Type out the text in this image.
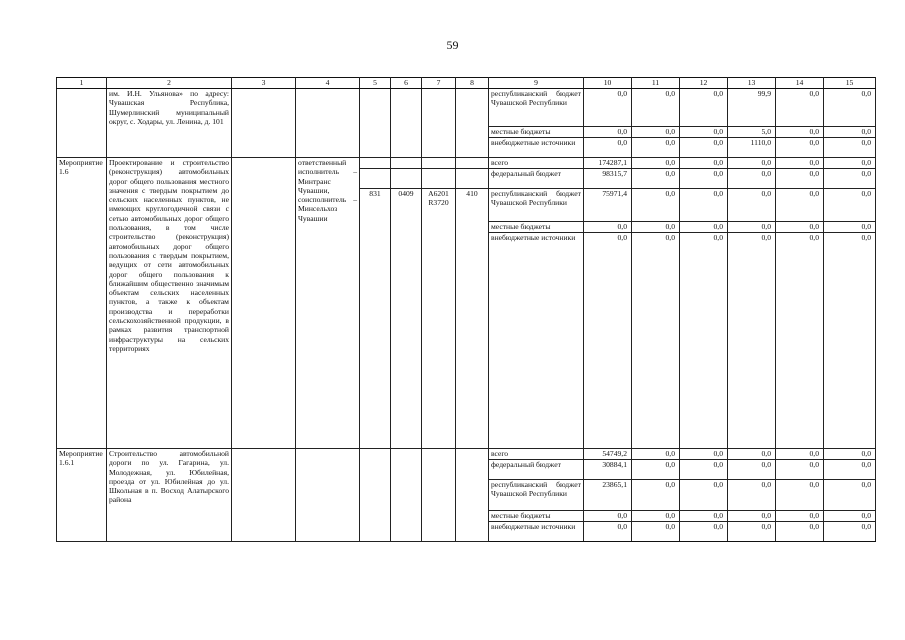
59
1	2	3	4	5	6	7	8	9	10	11	12	13	14	15
	им. И.Н. Ульянова» по адресу: Чувашская Республика, Шумерлинский муниципальный округ, с. Ходары, ул. Ленина, д. 101							республиканский бюджет Чувашской Республики	0,0	0,0	0,0	99,9	0,0	0,0
								местные бюджеты	0,0	0,0	0,0	5,0	0,0	0,0
								внебюджетные источники	0,0	0,0	0,0	1110,0	0,0	0,0
Мероприятие 1.6	Проектирование и строительство (реконструкция) автомобильных дорог общего пользования местного значения с твердым покрытием до сельских населенных пунктов, не имеющих круглогодичной связи с сетью автомобильных дорог общего пользования, в том числе строительство (реконструкция) автомобильных дорог общего пользования с твердым покрытием, ведущих от сети автомобильных дорог общего пользования к ближайшим общественно значимым объектам сельских населенных пунктов, а также к объектам производства и переработки сельскохозяйственной продукции, в рамках развития транспортной инфраструктуры на сельских территориях		ответственный исполнитель – Минтранс Чувашии, соисполнитель – Минсельхоз Чувашии					всего	174287,1	0,0	0,0	0,0	0,0	0,0
								федеральный бюджет	98315,7	0,0	0,0	0,0	0,0	0,0
				831	0409	А6201 R3720	410	республиканский бюджет Чувашской Республики	75971,4	0,0	0,0	0,0	0,0	0,0
								местные бюджеты	0,0	0,0	0,0	0,0	0,0	0,0
								внебюджетные источники	0,0	0,0	0,0	0,0	0,0	0,0
Мероприятие 1.6.1	Строительство автомобильной дороги по ул. Гагарина, ул. Молодежная, ул. Юбилейная, проезда от ул. Юбилейная до ул. Школьная в п. Восход Алатырского района							всего	54749,2	0,0	0,0	0,0	0,0	0,0
								федеральный бюджет	30884,1	0,0	0,0	0,0	0,0	0,0
								республиканский бюджет Чувашской Республики	23865,1	0,0	0,0	0,0	0,0	0,0
								местные бюджеты	0,0	0,0	0,0	0,0	0,0	0,0
								внебюджетные источники	0,0	0,0	0,0	0,0	0,0	0,0
